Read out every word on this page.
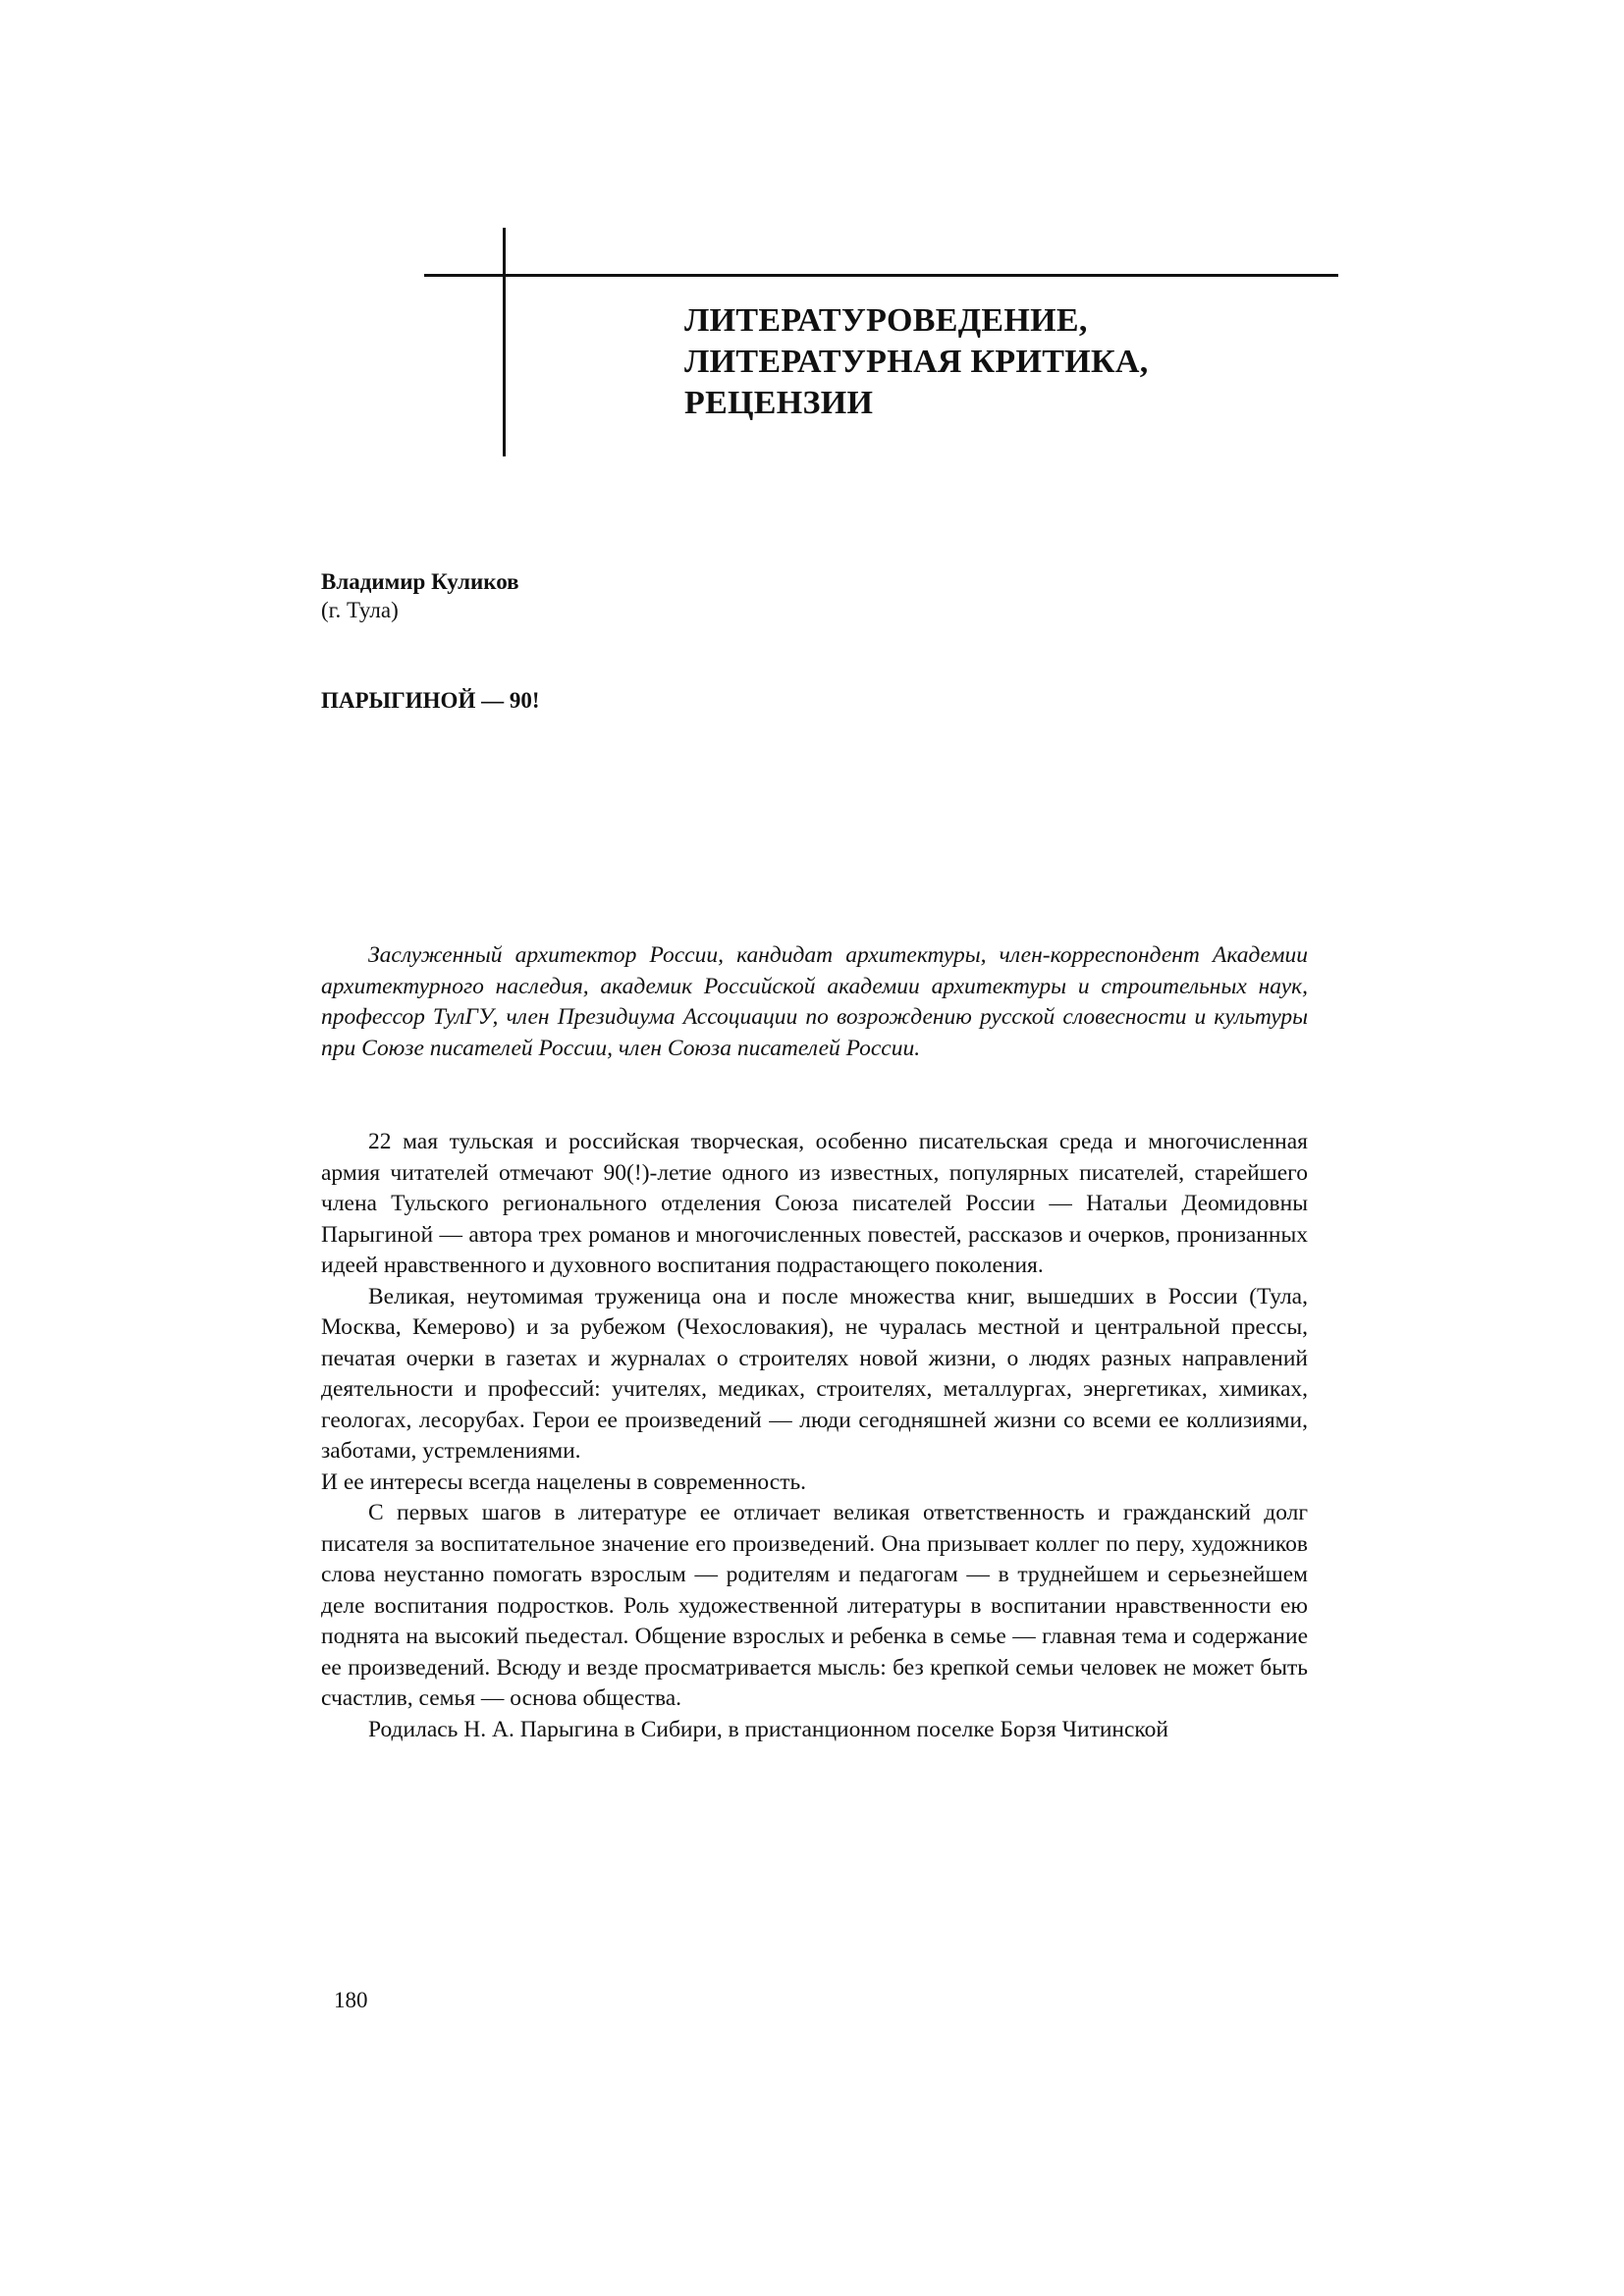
ЛИТЕРАТУРОВЕДЕНИЕ,
ЛИТЕРАТУРНАЯ КРИТИКА,
РЕЦЕНЗИИ
Владимир Куликов
(г. Тула)
ПАРЫГИНОЙ — 90!
Заслуженный архитектор России, кандидат архитектуры, член-корреспондент Академии архитектурного наследия, академик Российской академии архитектуры и строительных наук, профессор ТулГУ, член Президиума Ассоциации по возрождению русской словесности и культуры при Союзе писателей России, член Союза писателей России.

22 мая тульская и российская творческая, особенно писательская среда и многочисленная армия читателей отмечают 90(!)-летие одного из известных, популярных писателей, старейшего члена Тульского регионального отделения Союза писателей России — Натальи Деомидовны Парыгиной — автора трех романов и многочисленных повестей, рассказов и очерков, пронизанных идеей нравственного и духовного воспитания подрастающего поколения.

Великая, неутомимая труженица она и после множества книг, вышедших в России (Тула, Москва, Кемерово) и за рубежом (Чехословакия), не чуралась местной и центральной прессы, печатая очерки в газетах и журналах о строителях новой жизни, о людях разных направлений деятельности и профессий: учителях, медиках, строителях, металлургах, энергетиках, химиках, геологах, лесорубах. Герои ее произведений — люди сегодняшней жизни со всеми ее коллизиями, заботами, устремлениями.

И ее интересы всегда нацелены в современность.

С первых шагов в литературе ее отличает великая ответственность и гражданский долг писателя за воспитательное значение его произведений. Она призывает коллег по перу, художников слова неустанно помогать взрослым — родителям и педагогам — в труднейшем и серьезнейшем деле воспитания подростков. Роль художественной литературы в воспитании нравственности ею поднята на высокий пьедестал. Общение взрослых и ребенка в семье — главная тема и содержание ее произведений. Всюду и везде просматривается мысль: без крепкой семьи человек не может быть счастлив, семья — основа общества.

Родилась Н. А. Парыгина в Сибири, в пристанционном поселке Борзя Читинской

180
